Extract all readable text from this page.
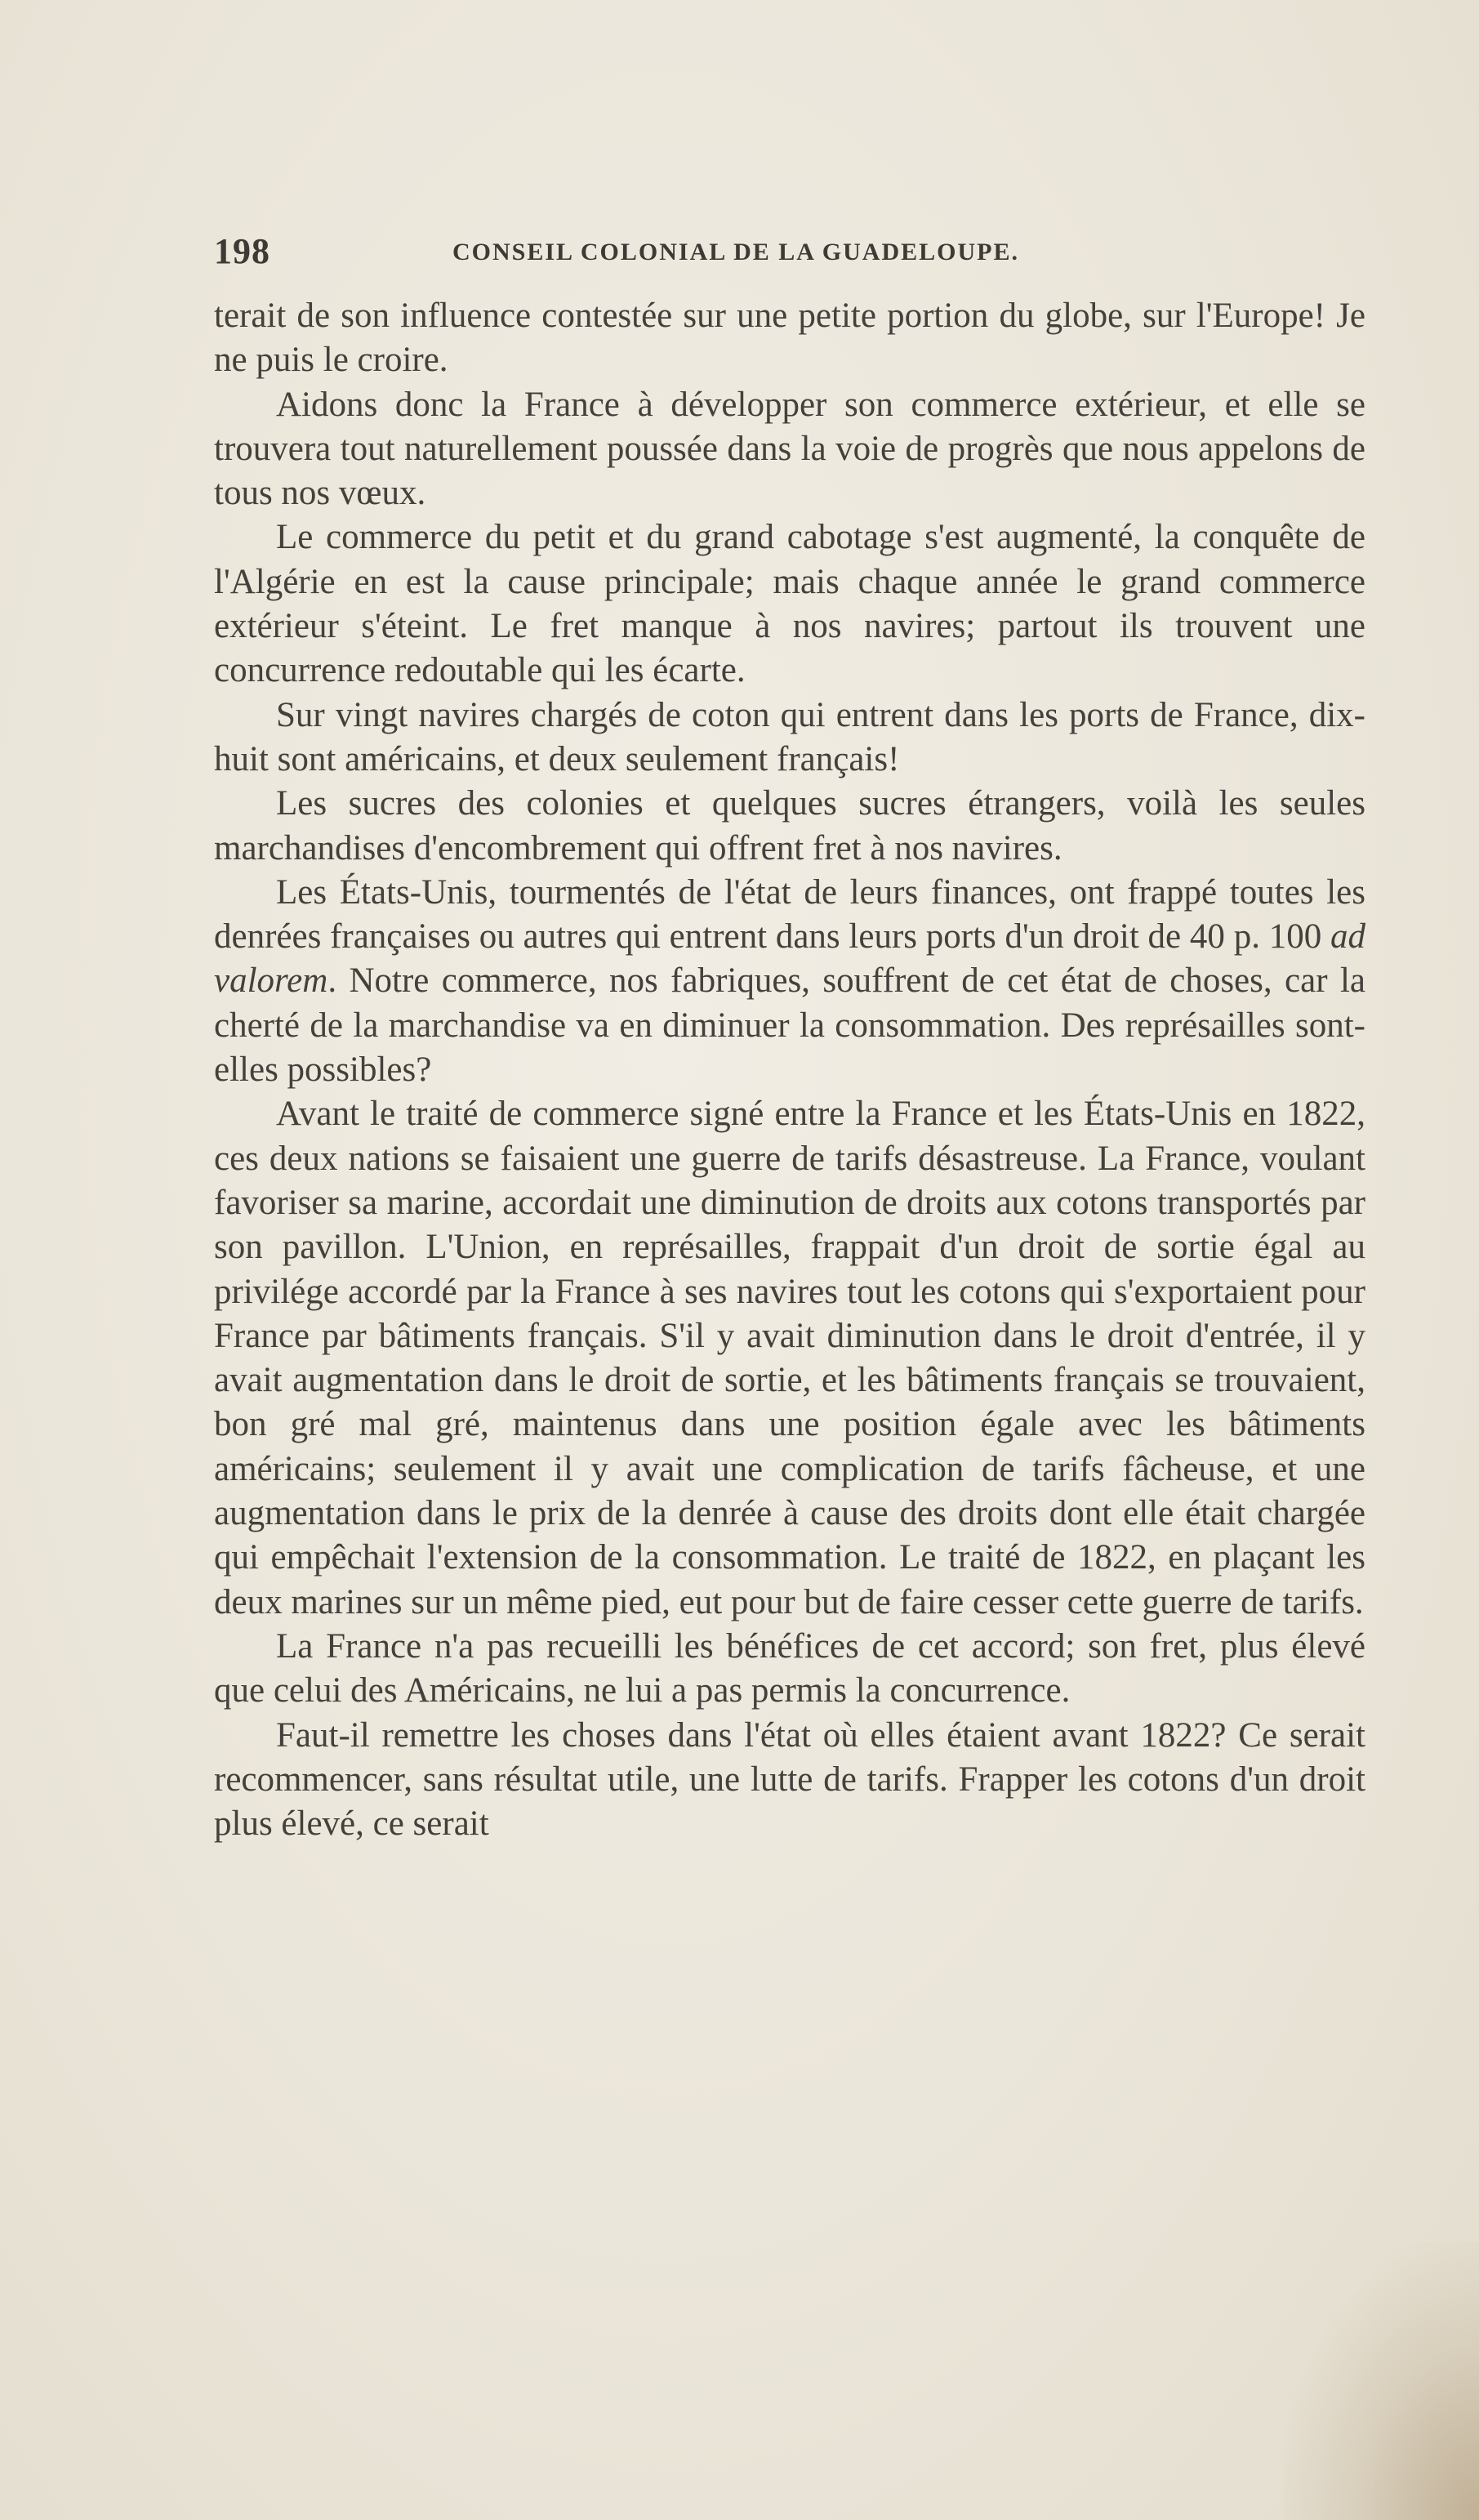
198	CONSEIL COLONIAL DE LA GUADELOUPE.

terait de son influence contestée sur une petite portion du globe, sur l'Europe! Je ne puis le croire.

Aidons donc la France à développer son commerce extérieur, et elle se trouvera tout naturellement poussée dans la voie de progrès que nous appelons de tous nos vœux.

Le commerce du petit et du grand cabotage s'est augmenté, la conquête de l'Algérie en est la cause principale; mais chaque année le grand commerce extérieur s'éteint. Le fret manque à nos navires; partout ils trouvent une concurrence redoutable qui les écarte.

Sur vingt navires chargés de coton qui entrent dans les ports de France, dix-huit sont américains, et deux seulement français!

Les sucres des colonies et quelques sucres étrangers, voilà les seules marchandises d'encombrement qui offrent fret à nos navires.

Les États-Unis, tourmentés de l'état de leurs finances, ont frappé toutes les denrées françaises ou autres qui entrent dans leurs ports d'un droit de 40 p. 100 ad valorem. Notre commerce, nos fabriques, souffrent de cet état de choses, car la cherté de la marchandise va en diminuer la consommation. Des représailles sont-elles possibles?

Avant le traité de commerce signé entre la France et les États-Unis en 1822, ces deux nations se faisaient une guerre de tarifs désastreuse. La France, voulant favoriser sa marine, accordait une diminution de droits aux cotons transportés par son pavillon. L'Union, en représailles, frappait d'un droit de sortie égal au privilége accordé par la France à ses navires tout les cotons qui s'exportaient pour France par bâtiments français. S'il y avait diminution dans le droit d'entrée, il y avait augmentation dans le droit de sortie, et les bâtiments français se trouvaient, bon gré mal gré, maintenus dans une position égale avec les bâtiments américains; seulement il y avait une complication de tarifs fâcheuse, et une augmentation dans le prix de la denrée à cause des droits dont elle était chargée qui empêchait l'extension de la consommation. Le traité de 1822, en plaçant les deux marines sur un même pied, eut pour but de faire cesser cette guerre de tarifs.

La France n'a pas recueilli les bénéfices de cet accord; son fret, plus élevé que celui des Américains, ne lui a pas permis la concurrence.

Faut-il remettre les choses dans l'état où elles étaient avant 1822? Ce serait recommencer, sans résultat utile, une lutte de tarifs. Frapper les cotons d'un droit plus élevé, ce serait
